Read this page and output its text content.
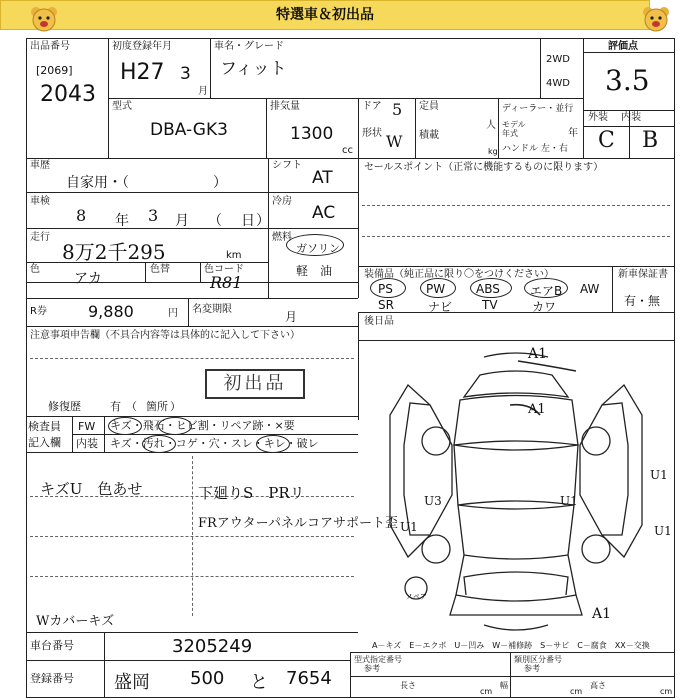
特選車＆初出品
出品番号
[2069]
2043
初度登録年月
H27 3
月
車名・グレード
フィット	2WD
4WD
評価点
3.5
型式
DBA-GK3
排気量
1300
cc
ドア 5
形状 W
定員
人
積載
kg
ディーラー・並行
モデル
年式	年
ハンドル 左・右
外装 内装
C B
車歴
自家用・（　　　　　　）
シフト
AT
車検
8 年 3 月 （ 日 ）
冷房
AC
走行
8万2千295	km
燃料
ガソリン
軽　油
色
アカ
色替	色コード
R81
R券	9,880	円 名変期限
月
セールスポイント（正常に機能するものに限ります）
装備品（純正品に限り〇をつけください）	新車保証書
有・無
PS	PW	ABS	エアB AW
SR	ナビ TV	カワ
後日品
注意事項申告欄（不具合内容等は具体的に記入して下さい）
初出品
修復歴	有 （ 箇所 ）
検査員
記入欄
FW
内装
キズ・飛石・ヒビ割・リペア跡・×要
キズ・汚れ・コゲ・穴・スレ・キレ・破レ
キズU　色あせ	下廻りS　PRリ
FRアウターパネルコアサポート歪
Wカバーキズ
A1
A1
U1
U1
U1
U3	U1
A1
スペア
A－キズ　E－エクボ　U－凹み　W－補修跡　S－サビ　C－腐食　XX－交換
車台番号	3205249
登録番号 盛岡 500 と 7654
型式指定番号
参考
類別区分番号
参考
長さ
cm
幅
cm
高さ
cm
